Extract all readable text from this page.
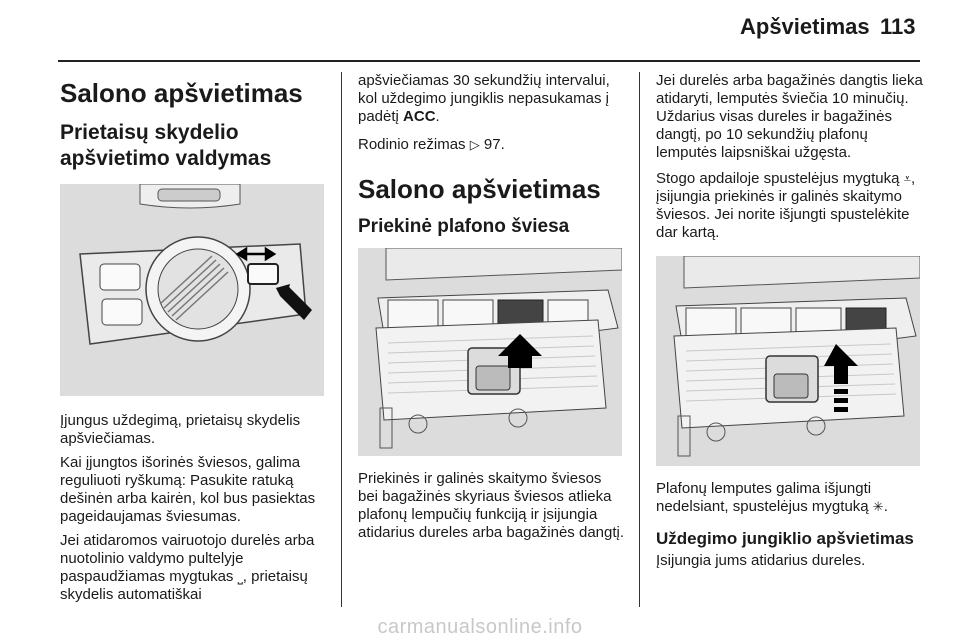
Apšvietimas 113
Salono apšvietimas
Prietaisų skydelio apšvietimo valdymas

Įjungus uždegimą, prietaisų skydelis apšviečiamas.

Kai įjungtos išorinės šviesos, galima reguliuoti ryškumą: Pasukite ratuką dešinėn arba kairėn, kol bus pasiektas pageidaujamas šviesumas.

Jei atidaromos vairuotojo durelės arba nuotolinio valdymo pultelyje paspaudžiamas mygtukas ⎵, prietaisų skydelis automatiškai

apšviečiamas 30 sekundžių intervalui, kol uždegimo jungiklis nepasukamas į padėtį ACC.

Rodinio režimas ▷ 97.

Salono apšvietimas
Priekinė plafono šviesa

Priekinės ir galinės skaitymo šviesos bei bagažinės skyriaus šviesos atlieka plafonų lempučių funkciją ir įsijungia atidarius dureles arba bagažinės dangtį.

Jei durelės arba bagažinės dangtis lieka atidaryti, lemputės šviečia 10 minučių. Uždarius visas dureles ir bagažinės dangtį, po 10 sekundžių plafonų lemputės laipsniškai užgęsta.

Stogo apdailoje spustelėjus mygtuką ⩡, įsijungia priekinės ir galinės skaitymo šviesos. Jei norite išjungti spustelėkite dar kartą.

Plafonų lemputes galima išjungti nedelsiant, spustelėjus mygtuką ✳.

Uždegimo jungiklio apšvietimas

Įsijungia jums atidarius dureles.

carmanualsonline.info
